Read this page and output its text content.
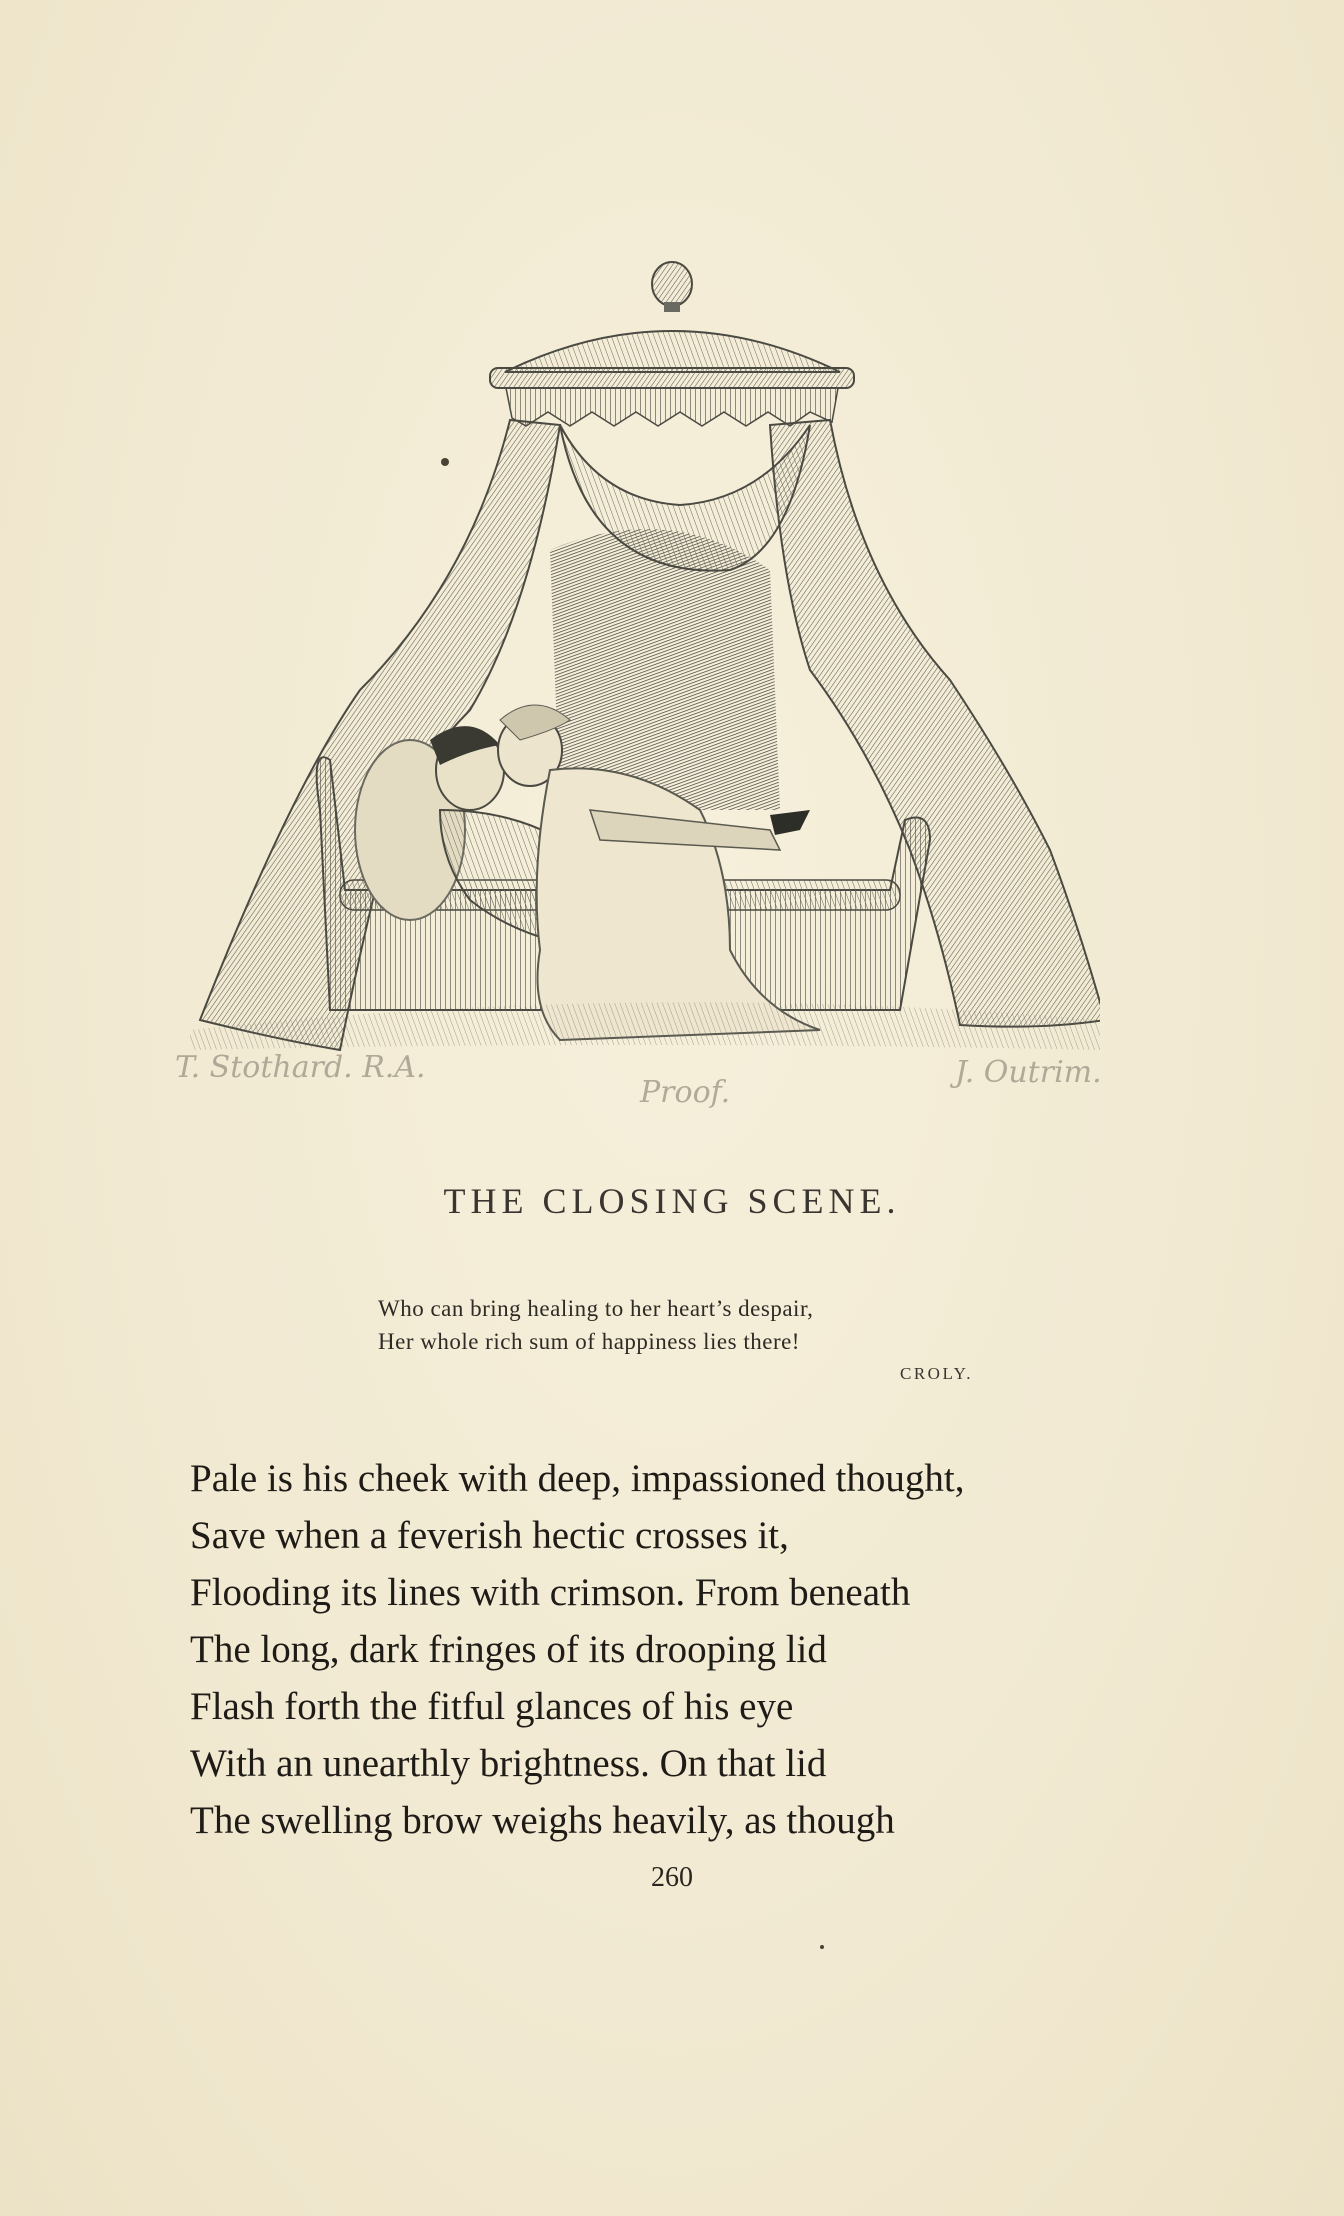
T. Stothard. R.A.
Proof.
J. Outrim.
THE CLOSING SCENE.
Who can bring healing to her heart’s despair,
Her whole rich sum of happiness lies there!
CROLY.
Pale is his cheek with deep, impassioned thought,
Save when a feverish hectic crosses it,
Flooding its lines with crimson. From beneath
The long, dark fringes of its drooping lid
Flash forth the fitful glances of his eye
With an unearthly brightness. On that lid
The swelling brow weighs heavily, as though
260
